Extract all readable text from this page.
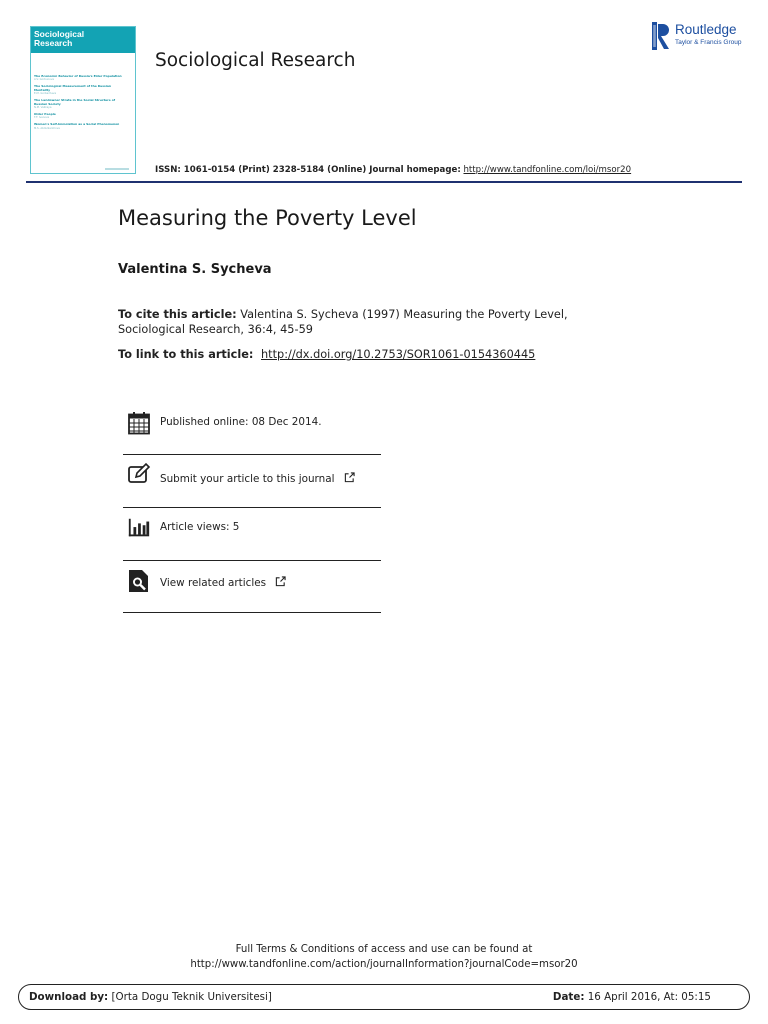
Sociological
Research
The Economic Behavior of Russia's Elder Population
A.V. Gorbunova
The Sociological Measurement of the Russian Mentality
E.M. Gorbacheva
The Landowner Strata in the Social Structure of Russian Society
N.M. Velikaya
Older People
T.F. Ivanova
Women's Self-Immolation as a Social Phenomenon
M.S. Abdulkarimova
Sociological Research
Routledge
Taylor & Francis Group
ISSN: 1061-0154 (Print) 2328-5184 (Online) Journal homepage: http://www.tandfonline.com/loi/msor20
Measuring the Poverty Level
Valentina S. Sycheva
To cite this article: Valentina S. Sycheva (1997) Measuring the Poverty Level, Sociological Research, 36:4, 45-59
To link to this article: http://dx.doi.org/10.2753/SOR1061-0154360445
Published online: 08 Dec 2014.
Submit your article to this journal
Article views: 5
View related articles
Full Terms & Conditions of access and use can be found at
http://www.tandfonline.com/action/journalInformation?journalCode=msor20
Download by: [Orta Dogu Teknik Universitesi]	Date: 16 April 2016, At: 05:15
